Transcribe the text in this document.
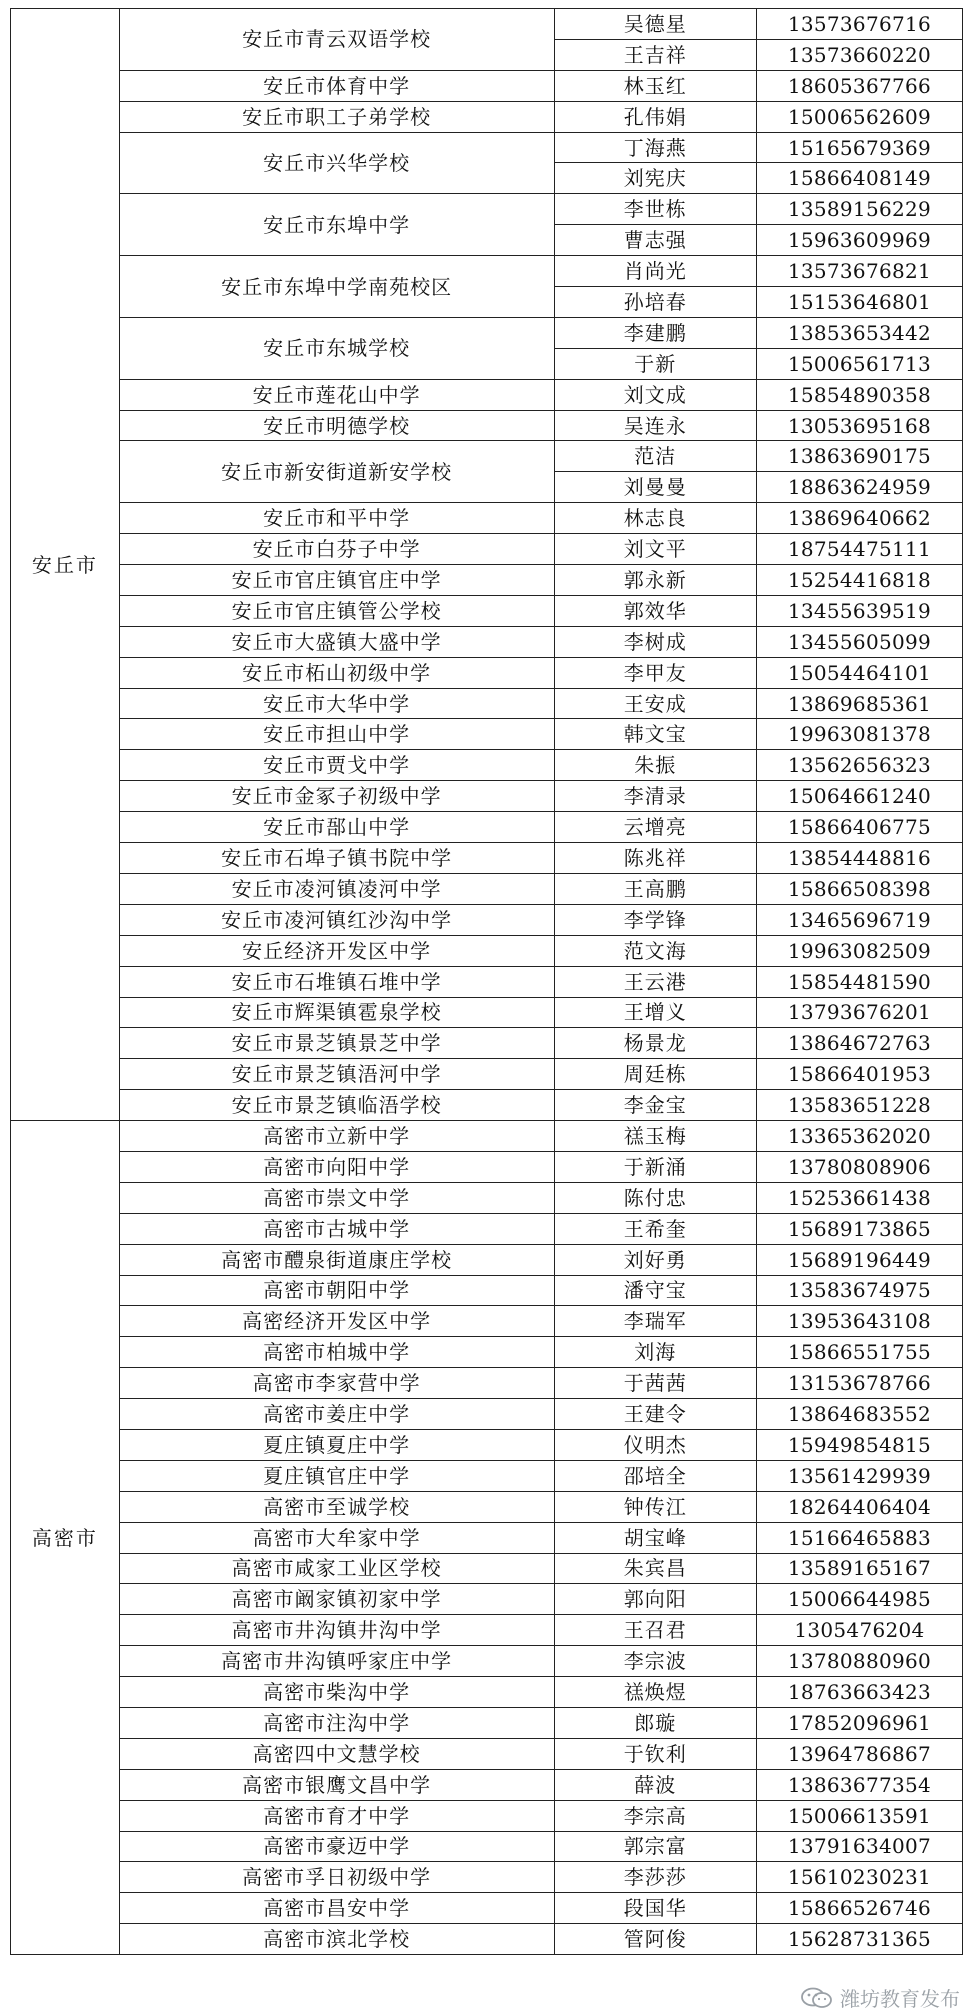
安丘市	安丘市青云双语学校	吴德星	13573676716
		王吉祥	13573660220
	安丘市体育中学	林玉红	18605367766
	安丘市职工子弟学校	孔伟娟	15006562609
	安丘市兴华学校	丁海燕	15165679369
		刘宪庆	15866408149
	安丘市东埠中学	李世栋	13589156229
		曹志强	15963609969
	安丘市东埠中学南苑校区	肖尚光	13573676821
		孙培春	15153646801
	安丘市东城学校	李建鹏	13853653442
		于新	15006561713
	安丘市莲花山中学	刘文成	15854890358
	安丘市明德学校	吴连永	13053695168
	安丘市新安街道新安学校	范洁	13863690175
		刘曼曼	18863624959
	安丘市和平中学	林志良	13869640662
	安丘市白芬子中学	刘文平	18754475111
	安丘市官庄镇官庄中学	郭永新	15254416818
	安丘市官庄镇管公学校	郭效华	13455639519
	安丘市大盛镇大盛中学	李树成	13455605099
	安丘市柘山初级中学	李甲友	15054464101
	安丘市大华中学	王安成	13869685361
	安丘市担山中学	韩文宝	19963081378
	安丘市贾戈中学	朱振	13562656323
	安丘市金冢子初级中学	李清录	15064661240
	安丘市郚山中学	云增亮	15866406775
	安丘市石埠子镇书院中学	陈兆祥	13854448816
	安丘市凌河镇凌河中学	王高鹏	15866508398
	安丘市凌河镇红沙沟中学	李学锋	13465696719
	安丘经济开发区中学	范文海	19963082509
	安丘市石堆镇石堆中学	王云港	15854481590
	安丘市辉渠镇雹泉学校	王增义	13793676201
	安丘市景芝镇景芝中学	杨景龙	13864672763
	安丘市景芝镇浯河中学	周廷栋	15866401953
	安丘市景芝镇临浯学校	李金宝	13583651228
高密市	高密市立新中学	禚玉梅	13365362020
	高密市向阳中学	于新涌	13780808906
	高密市崇文中学	陈付忠	15253661438
	高密市古城中学	王希奎	15689173865
	高密市醴泉街道康庄学校	刘好勇	15689196449
	高密市朝阳中学	潘守宝	13583674975
	高密经济开发区中学	李瑞军	13953643108
	高密市柏城中学	刘海	15866551755
	高密市李家营中学	于茜茜	13153678766
	高密市姜庄中学	王建令	13864683552
	夏庄镇夏庄中学	仪明杰	15949854815
	夏庄镇官庄中学	邵培全	13561429939
	高密市至诚学校	钟传江	18264406404
	高密市大牟家中学	胡宝峰	15166465883
	高密市咸家工业区学校	朱宾昌	13589165167
	高密市阚家镇初家中学	郭向阳	15006644985
	高密市井沟镇井沟中学	王召君	1305476204
	高密市井沟镇呼家庄中学	李宗波	13780880960
	高密市柴沟中学	禚焕煜	18763663423
	高密市注沟中学	郎璇	17852096961
	高密四中文慧学校	于钦利	13964786867
	高密市银鹰文昌中学	薛波	13863677354
	高密市育才中学	李宗高	15006613591
	高密市豪迈中学	郭宗富	13791634007
	高密市孚日初级中学	李莎莎	15610230231
	高密市昌安中学	段国华	15866526746
	高密市滨北学校	管阿俊	15628731365
潍坊教育发布
